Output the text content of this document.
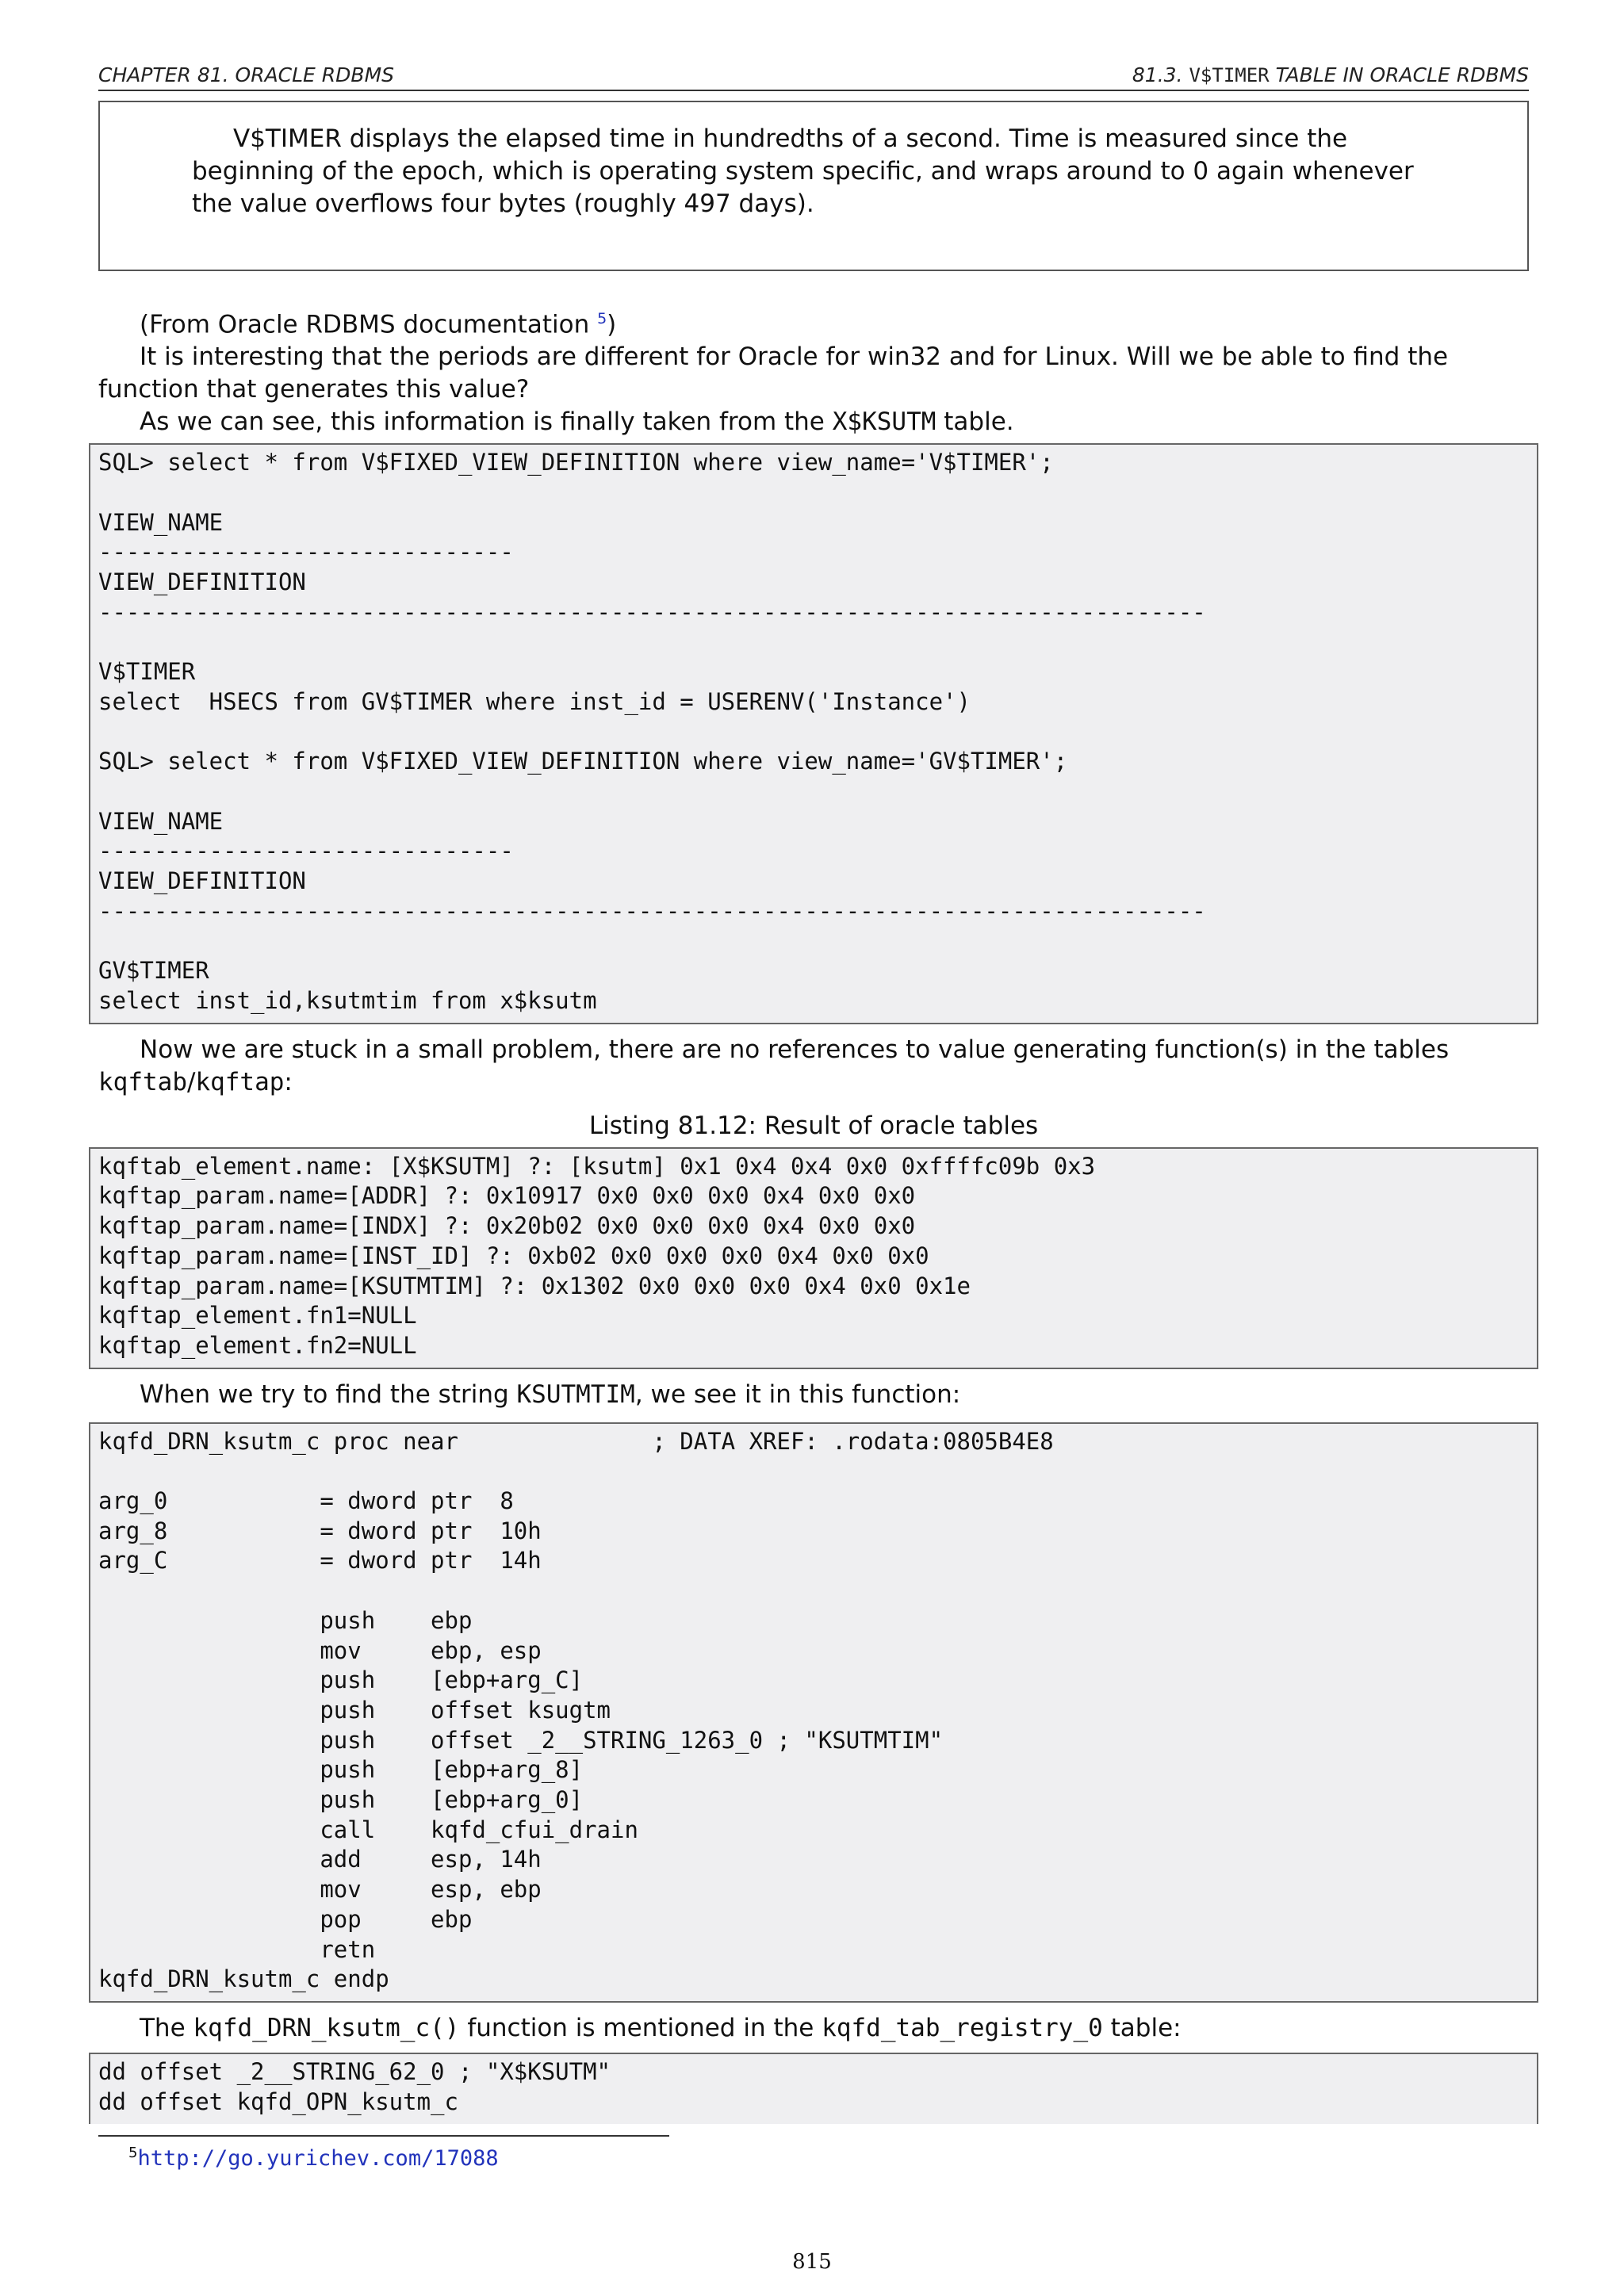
CHAPTER 81. ORACLE RDBMS	81.3. V$TIMER TABLE IN ORACLE RDBMS

V$TIMER displays the elapsed time in hundredths of a second. Time is measured since the beginning of the epoch, which is operating system specific, and wraps around to 0 again whenever the value overflows four bytes (roughly 497 days).

(From Oracle RDBMS documentation $^5$)

It is interesting that the periods are different for Oracle for win32 and for Linux. Will we be able to find the function that generates this value?

As we can see, this information is finally taken from the X$KSUTM table.

SQL> select * from V$FIXED_VIEW_DEFINITION where view_name='V$TIMER';

VIEW_NAME
------------------------------
VIEW_DEFINITION
--------------------------------------------------------------------------------

V$TIMER
select  HSECS from GV$TIMER where inst_id = USERENV('Instance')

SQL> select * from V$FIXED_VIEW_DEFINITION where view_name='GV$TIMER';

VIEW_NAME
------------------------------
VIEW_DEFINITION
--------------------------------------------------------------------------------

GV$TIMER
select inst_id,ksutmtim from x$ksutm

Now we are stuck in a small problem, there are no references to value generating function(s) in the tables kqftab/kqftap:

Listing 81.12: Result of oracle tables
kqftab_element.name: [X$KSUTM] ?: [ksutm] 0x1 0x4 0x4 0x0 0xffffc09b 0x3
kqftap_param.name=[ADDR] ?: 0x10917 0x0 0x0 0x0 0x4 0x0 0x0
kqftap_param.name=[INDX] ?: 0x20b02 0x0 0x0 0x0 0x4 0x0 0x0
kqftap_param.name=[INST_ID] ?: 0xb02 0x0 0x0 0x0 0x4 0x0 0x0
kqftap_param.name=[KSUTMTIM] ?: 0x1302 0x0 0x0 0x0 0x4 0x0 0x1e
kqftap_element.fn1=NULL
kqftap_element.fn2=NULL

When we try to find the string KSUTMTIM, we see it in this function:

kqfd_DRN_ksutm_c proc near              ; DATA XREF: .rodata:0805B4E8

arg_0           = dword ptr  8
arg_8           = dword ptr  10h
arg_C           = dword ptr  14h

push    ebp
mov     ebp, esp
push    [ebp+arg_C]
push    offset ksugtm
push    offset _2__STRING_1263_0 ; "KSUTMTIM"
push    [ebp+arg_8]
push    [ebp+arg_0]
call    kqfd_cfui_drain
add     esp, 14h
mov     esp, ebp
pop     ebp
retn
kqfd_DRN_ksutm_c endp

The kqfd_DRN_ksutm_c() function is mentioned in the kqfd_tab_registry_0 table:

dd offset _2__STRING_62_0 ; "X$KSUTM"
dd offset kqfd_OPN_ksutm_c
$^5$http://go.yurichev.com/17088
815
